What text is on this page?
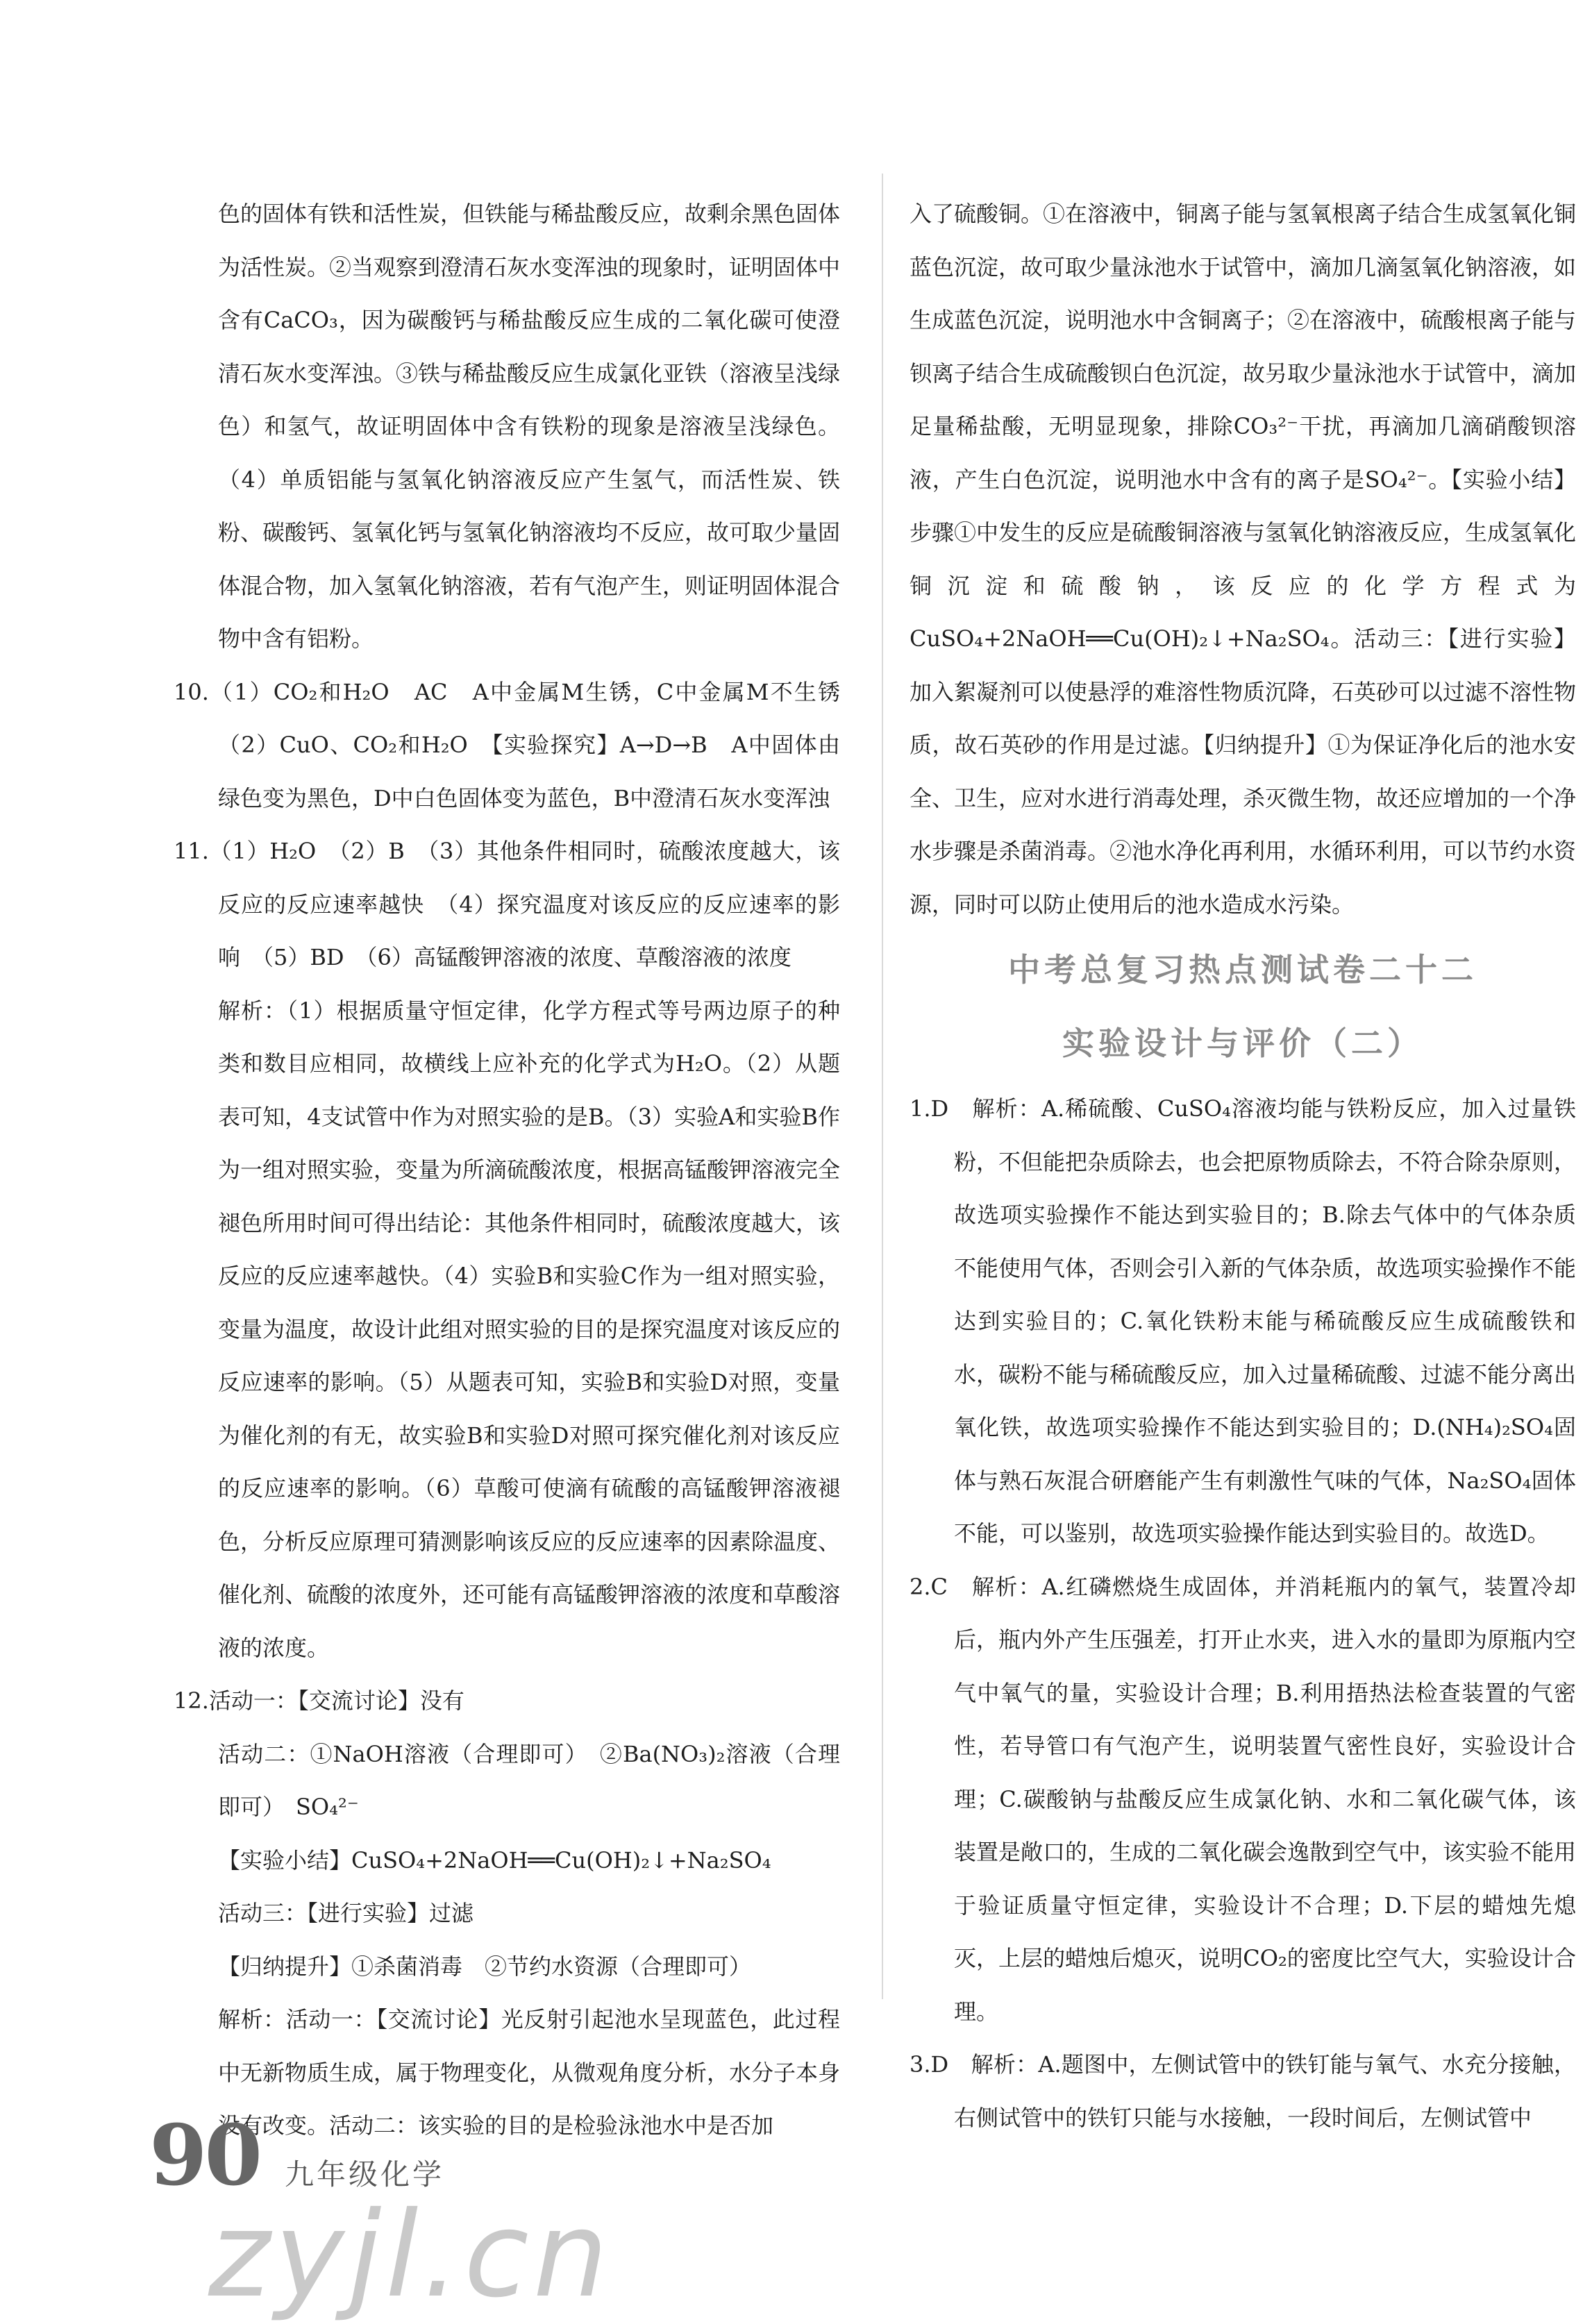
色的固体有铁和活性炭，但铁能与稀盐酸反应，故剩余黑色固体为活性炭。②当观察到澄清石灰水变浑浊的现象时，证明固体中含有CaCO₃，因为碳酸钙与稀盐酸反应生成的二氧化碳可使澄清石灰水变浑浊。③铁与稀盐酸反应生成氯化亚铁（溶液呈浅绿色）和氢气，故证明固体中含有铁粉的现象是溶液呈浅绿色。（4）单质铝能与氢氧化钠溶液反应产生氢气，而活性炭、铁粉、碳酸钙、氢氧化钙与氢氧化钠溶液均不反应，故可取少量固体混合物，加入氢氧化钠溶液，若有气泡产生，则证明固体混合物中含有铝粉。

10.（1）CO₂和H₂O　AC　A中金属M生锈，C中金属M不生锈　（2）CuO、CO₂和H₂O　【实验探究】A→D→B　A中固体由绿色变为黑色，D中白色固体变为蓝色，B中澄清石灰水变浑浊

11.（1）H₂O　（2）B　（3）其他条件相同时，硫酸浓度越大，该反应的反应速率越快　（4）探究温度对该反应的反应速率的影响　（5）BD　（6）高锰酸钾溶液的浓度、草酸溶液的浓度

解析：（1）根据质量守恒定律，化学方程式等号两边原子的种类和数目应相同，故横线上应补充的化学式为H₂O。（2）从题表可知，4支试管中作为对照实验的是B。（3）实验A和实验B作为一组对照实验，变量为所滴硫酸浓度，根据高锰酸钾溶液完全褪色所用时间可得出结论：其他条件相同时，硫酸浓度越大，该反应的反应速率越快。（4）实验B和实验C作为一组对照实验，变量为温度，故设计此组对照实验的目的是探究温度对该反应的反应速率的影响。（5）从题表可知，实验B和实验D对照，变量为催化剂的有无，故实验B和实验D对照可探究催化剂对该反应的反应速率的影响。（6）草酸可使滴有硫酸的高锰酸钾溶液褪色，分析反应原理可猜测影响该反应的反应速率的因素除温度、催化剂、硫酸的浓度外，还可能有高锰酸钾溶液的浓度和草酸溶液的浓度。

12.活动一：【交流讨论】没有

活动二：①NaOH溶液（合理即可）　②Ba(NO₃)₂溶液（合理即可）　SO₄²⁻

【实验小结】CuSO₄+2NaOH══Cu(OH)₂↓+Na₂SO₄

活动三：【进行实验】过滤

【归纳提升】①杀菌消毒　②节约水资源（合理即可）

解析：活动一：【交流讨论】光反射引起池水呈现蓝色，此过程中无新物质生成，属于物理变化，从微观角度分析，水分子本身没有改变。活动二：该实验的目的是检验泳池水中是否加

入了硫酸铜。①在溶液中，铜离子能与氢氧根离子结合生成氢氧化铜蓝色沉淀，故可取少量泳池水于试管中，滴加几滴氢氧化钠溶液，如生成蓝色沉淀，说明池水中含铜离子；②在溶液中，硫酸根离子能与钡离子结合生成硫酸钡白色沉淀，故另取少量泳池水于试管中，滴加足量稀盐酸，无明显现象，排除CO₃²⁻干扰，再滴加几滴硝酸钡溶液，产生白色沉淀，说明池水中含有的离子是SO₄²⁻。【实验小结】步骤①中发生的反应是硫酸铜溶液与氢氧化钠溶液反应，生成氢氧化铜沉淀和硫酸钠，该反应的化学方程式为CuSO₄+2NaOH══Cu(OH)₂↓+Na₂SO₄。活动三：【进行实验】加入絮凝剂可以使悬浮的难溶性物质沉降，石英砂可以过滤不溶性物质，故石英砂的作用是过滤。【归纳提升】①为保证净化后的池水安全、卫生，应对水进行消毒处理，杀灭微生物，故还应增加的一个净水步骤是杀菌消毒。②池水净化再利用，水循环利用，可以节约水资源，同时可以防止使用后的池水造成水污染。

中考总复习热点测试卷二十二
实验设计与评价（二）

1.D　解析：A.稀硫酸、CuSO₄溶液均能与铁粉反应，加入过量铁粉，不但能把杂质除去，也会把原物质除去，不符合除杂原则，故选项实验操作不能达到实验目的；B.除去气体中的气体杂质不能使用气体，否则会引入新的气体杂质，故选项实验操作不能达到实验目的；C.氧化铁粉末能与稀硫酸反应生成硫酸铁和水，碳粉不能与稀硫酸反应，加入过量稀硫酸、过滤不能分离出氧化铁，故选项实验操作不能达到实验目的；D.(NH₄)₂SO₄固体与熟石灰混合研磨能产生有刺激性气味的气体，Na₂SO₄固体不能，可以鉴别，故选项实验操作能达到实验目的。故选D。

2.C　解析：A.红磷燃烧生成固体，并消耗瓶内的氧气，装置冷却后，瓶内外产生压强差，打开止水夹，进入水的量即为原瓶内空气中氧气的量，实验设计合理；B.利用捂热法检查装置的气密性，若导管口有气泡产生，说明装置气密性良好，实验设计合理；C.碳酸钠与盐酸反应生成氯化钠、水和二氧化碳气体，该装置是敞口的，生成的二氧化碳会逸散到空气中，该实验不能用于验证质量守恒定律，实验设计不合理；D.下层的蜡烛先熄灭，上层的蜡烛后熄灭，说明CO₂的密度比空气大，实验设计合理。

3.D　解析：A.题图中，左侧试管中的铁钉能与氧气、水充分接触，右侧试管中的铁钉只能与水接触，一段时间后，左侧试管中

90 九年级化学
zyjl.cn
